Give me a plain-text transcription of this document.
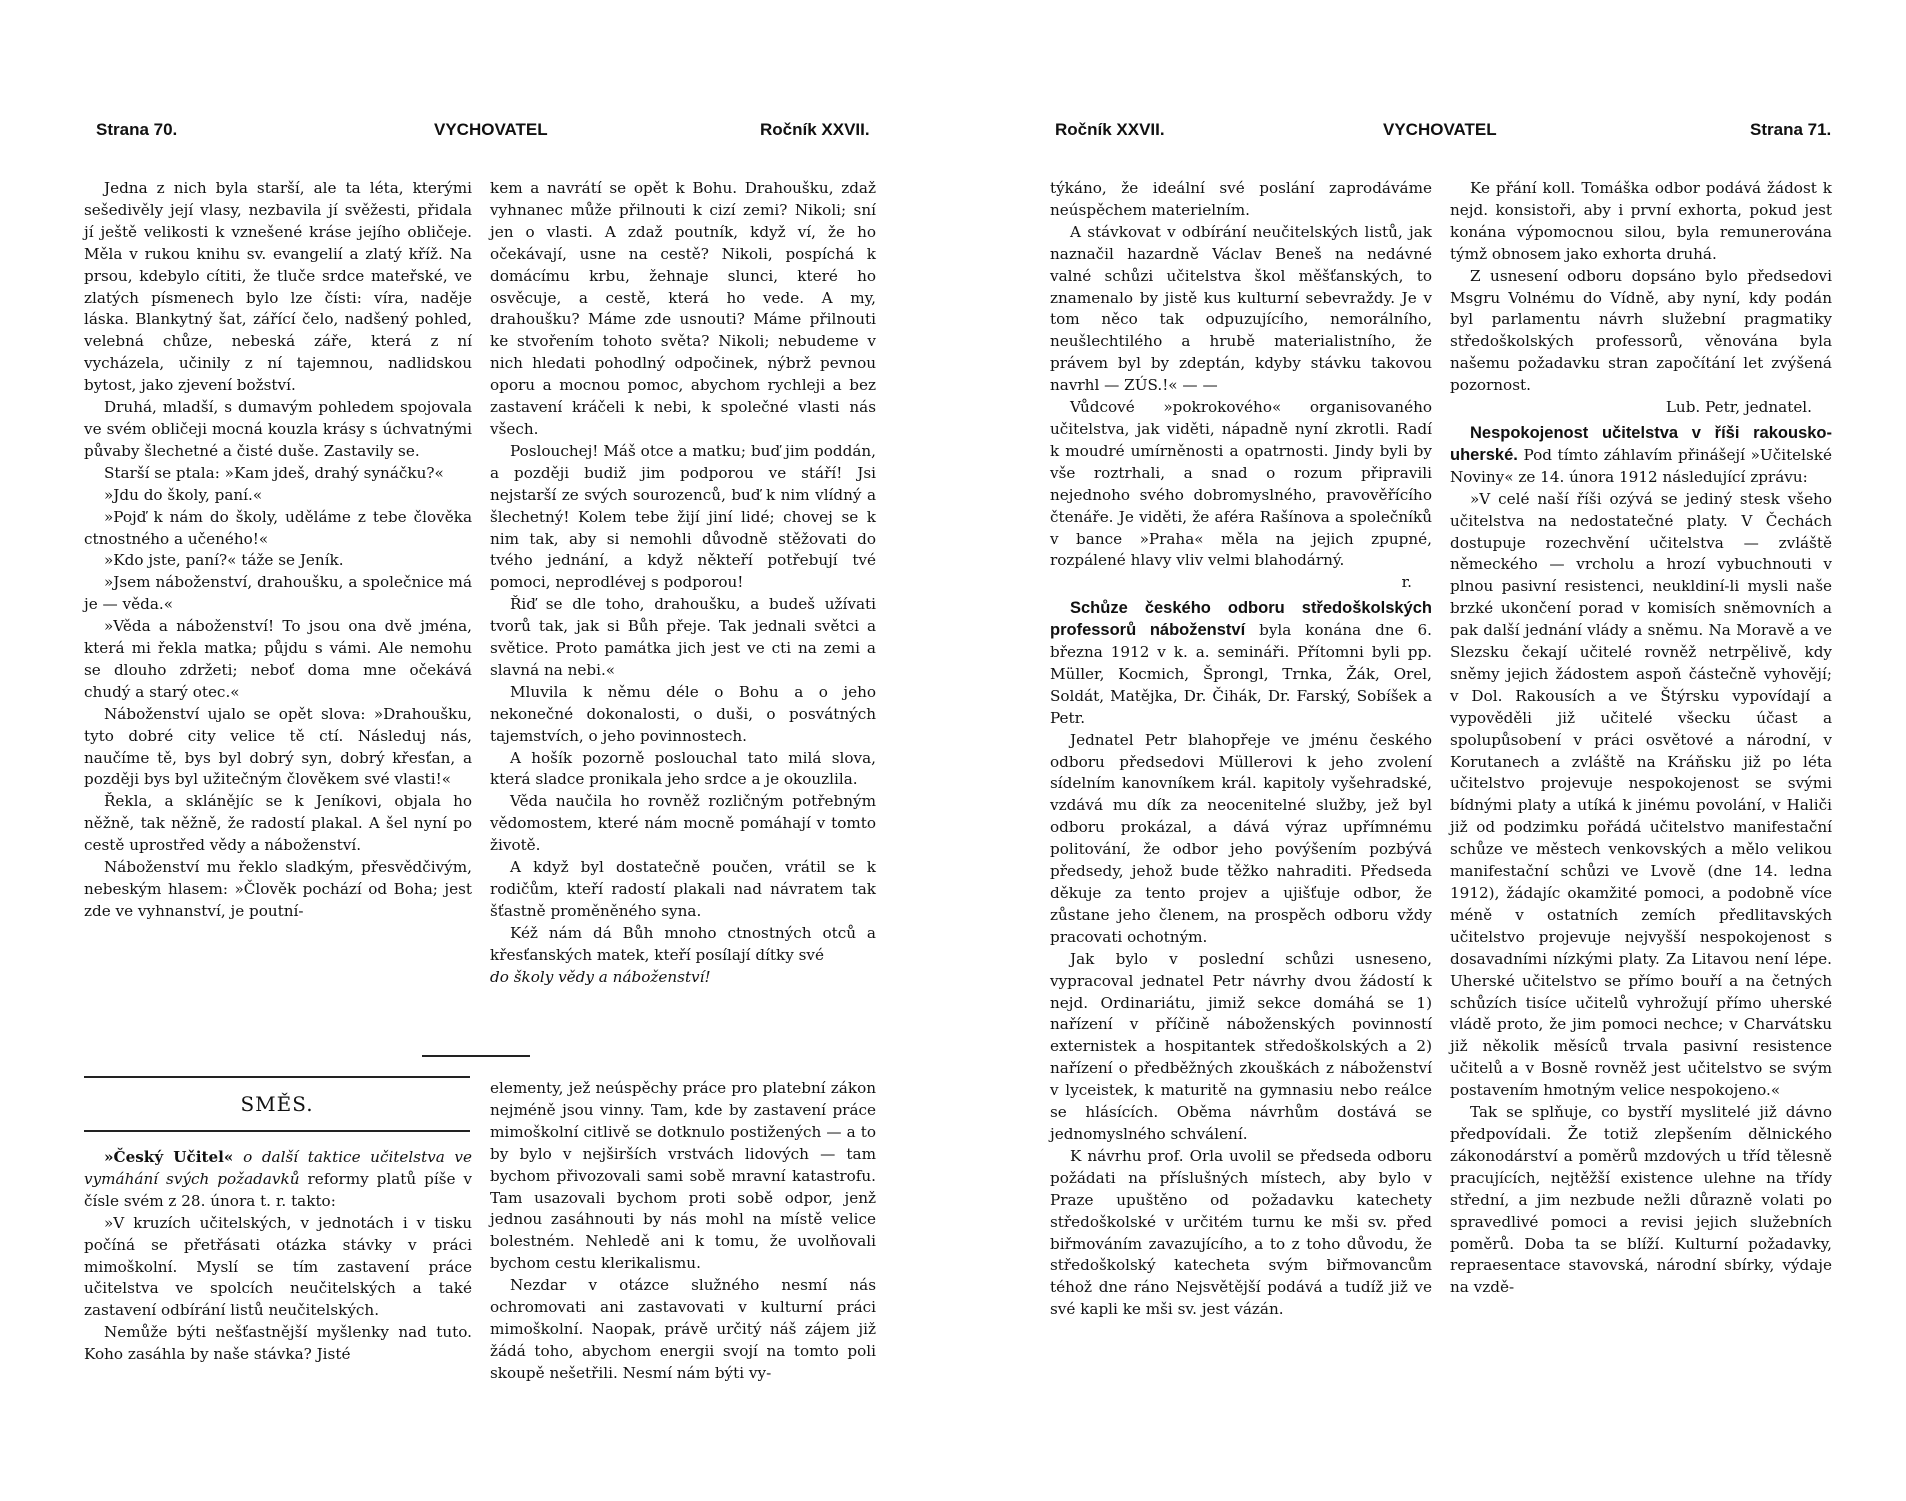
Strana 70.	VYCHOVATEL	Ročník XXVII.

Jedna z nich byla starší, ale ta léta, kterými sešedivěly její vlasy, nezbavila jí svěžesti, přidala jí ještě velikosti k vznešené kráse jejího obličeje. Měla v rukou knihu sv. evangelií a zlatý kříž. Na prsou, kdebylo cítiti, že tluče srdce mateřské, ve zlatých písmenech bylo lze čísti: víra, naděje láska. Blankytný šat, zářící čelo, nadšený pohled, velebná chůze, nebeská záře, která z ní vycházela, učinily z ní tajemnou, nadlidskou bytost, jako zjevení božství.

Druhá, mladší, s dumavým pohledem spojovala ve svém obličeji mocná kouzla krásy s úchvatnými půvaby šlechetné a čisté duše. Zastavily se.

Starší se ptala: »Kam jdeš, drahý synáčku?«

»Jdu do školy, paní.«

»Pojď k nám do školy, uděláme z tebe člověka ctnostného a učeného!«

»Kdo jste, paní?« táže se Jeník.

»Jsem náboženství, drahoušku, a společnice má je — věda.«

»Věda a náboženství! To jsou ona dvě jména, která mi řekla matka; půjdu s vámi. Ale nemohu se dlouho zdržeti; neboť doma mne očekává chudý a starý otec.«

Náboženství ujalo se opět slova: »Drahoušku, tyto dobré city velice tě ctí. Následuj nás, naučíme tě, bys byl dobrý syn, dobrý křesťan, a později bys byl užitečným člověkem své vlasti!«

Řekla, a sklánějíc se k Jeníkovi, objala ho něžně, tak něžně, že radostí plakal. A šel nyní po cestě uprostřed vědy a náboženství.

Náboženství mu řeklo sladkým, přesvědčivým, nebeským hlasem: »Člověk pochází od Boha; jest zde ve vyhnanství, je poutní-

kem a navrátí se opět k Bohu. Drahoušku, zdaž vyhnanec může přilnouti k cizí zemi? Nikoli; sní jen o vlasti. A zdaž poutník, když ví, že ho očekávají, usne na cestě? Nikoli, pospíchá k domácímu krbu, žehnaje slunci, které ho osvěcuje, a cestě, která ho vede. A my, drahoušku? Máme zde usnouti? Máme přilnouti ke stvořením tohoto světa? Nikoli; nebudeme v nich hledati pohodlný odpočinek, nýbrž pevnou oporu a mocnou pomoc, abychom rychleji a bez zastavení kráčeli k nebi, k společné vlasti nás všech.

Poslouchej! Máš otce a matku; buď jim poddán, a později budiž jim podporou ve stáří! Jsi nejstarší ze svých sourozenců, buď k nim vlídný a šlechetný! Kolem tebe žijí jiní lidé; chovej se k nim tak, aby si nemohli důvodně stěžovati do tvého jednání, a když někteří potřebují tvé pomoci, neprodlévej s podporou!

Řiď se dle toho, drahoušku, a budeš užívati tvorů tak, jak si Bůh přeje. Tak jednali světci a světice. Proto památka jich jest ve cti na zemi a slavná na nebi.«

Mluvila k němu déle o Bohu a o jeho nekonečné dokonalosti, o duši, o posvátných tajemstvích, o jeho povinnostech.

A hošík pozorně poslouchal tato milá slova, která sladce pronikala jeho srdce a je okouzlila.

Věda naučila ho rovněž rozličným potřebným vědomostem, které nám mocně pomáhají v tomto životě.

A když byl dostatečně poučen, vrátil se k rodičům, kteří radostí plakali nad návratem tak šťastně proměněného syna.

Kéž nám dá Bůh mnoho ctnostných otců a křesťanských matek, kteří posílají dítky své

do školy vědy a náboženství!

SMĚS.

»Český Učitel« o další taktice učitelstva ve vymáhání svých požadavků reformy platů píše v čísle svém z 28. února t. r. takto:

»V kruzích učitelských, v jednotách i v tisku počíná se přetřásati otázka stávky v práci mimoškolní. Myslí se tím zastavení práce učitelstva ve spolcích neučitelských a také zastavení odbírání listů neučitelských.

Nemůže býti nešťastnější myšlenky nad tuto. Koho zasáhla by naše stávka? Jisté

elementy, jež neúspěchy práce pro platební zákon nejméně jsou vinny. Tam, kde by zastavení práce mimoškolní citlivě se dotknulo postižených — a to by bylo v nejširších vrstvách lidových — tam bychom přivozovali sami sobě mravní katastrofu. Tam usazovali bychom proti sobě odpor, jenž jednou zasáhnouti by nás mohl na místě velice bolestném. Nehledě ani k tomu, že uvolňovali bychom cestu klerikalismu.

Nezdar v otázce služného nesmí nás ochromovati ani zastavovati v kulturní práci mimoškolní. Naopak, právě určitý náš zájem již žádá toho, abychom energii svojí na tomto poli skoupě nešetřili. Nesmí nám býti vy-

Ročník XXVII.	VYCHOVATEL	Strana 71.

týkáno, že ideální své poslání zaprodáváme neúspěchem materielním.

A stávkovat v odbírání neučitelských listů, jak naznačil hazardně Václav Beneš na nedávné valné schůzi učitelstva škol měšťanských, to znamenalo by jistě kus kulturní sebevraždy. Je v tom něco tak odpuzujícího, nemorálního, neušlechtilého a hrubě materialistního, že právem byl by zdeptán, kdyby stávku takovou navrhl — ZÚS.!« — —

Vůdcové »pokrokového« organisovaného učitelstva, jak viděti, nápadně nyní zkrotli. Radí k moudré umírněnosti a opatrnosti. Jindy byli by vše roztrhali, a snad o rozum připravili nejednoho svého dobromyslného, pravověřícího čtenáře. Je viděti, že aféra Rašínova a společníků v bance »Praha« měla na jejich zpupné, rozpálené hlavy vliv velmi blahodárný.

r.

Schůze českého odboru středoškolských professorů náboženství byla konána dne 6. března 1912 v k. a. semináři. Přítomni byli pp. Müller, Kocmich, Šprongl, Trnka, Žák, Orel, Soldát, Matějka, Dr. Čihák, Dr. Farský, Sobíšek a Petr.

Jednatel Petr blahopřeje ve jménu českého odboru předsedovi Müllerovi k jeho zvolení sídelním kanovníkem král. kapitoly vyšehradské, vzdává mu dík za neocenitelné služby, jež byl odboru prokázal, a dává výraz upřímnému politování, že odbor jeho povýšením pozbývá předsedy, jehož bude těžko nahraditi. Předseda děkuje za tento projev a ujišťuje odbor, že zůstane jeho členem, na prospěch odboru vždy pracovati ochotným.

Jak bylo v poslední schůzi usneseno, vypracoval jednatel Petr návrhy dvou žádostí k nejd. Ordinariátu, jimiž sekce domáhá se 1) nařízení v příčině náboženských povinností externistek a hospitantek středoškolských a 2) nařízení o předběžných zkouškách z náboženství v lyceistek, k maturitě na gymnasiu nebo reálce se hlásících. Oběma návrhům dostává se jednomyslného schválení.

K návrhu prof. Orla uvolil se předseda odboru požádati na příslušných místech, aby bylo v Praze upuštěno od požadavku katechety středoškolské v určitém turnu ke mši sv. před biřmováním zavazujícího, a to z toho důvodu, že středoškolský katecheta svým biřmovancům téhož dne ráno Nejsvětější podává a tudíž již ve své kapli ke mši sv. jest vázán.

Ke přání koll. Tomáška odbor podává žádost k nejd. konsistoři, aby i první exhorta, pokud jest konána výpomocnou silou, byla remunerována týmž obnosem jako exhorta druhá.

Z usnesení odboru dopsáno bylo předsedovi Msgru Volnému do Vídně, aby nyní, kdy podán byl parlamentu návrh služební pragmatiky středoškolských professorů, věnována byla našemu požadavku stran započítání let zvýšená pozornost.

Lub. Petr, jednatel.

Nespokojenost učitelstva v říši rakousko-uherské. Pod tímto záhlavím přinášejí »Učitelské Noviny« ze 14. února 1912 následující zprávu:

»V celé naší říši ozývá se jediný stesk všeho učitelstva na nedostatečné platy. V Čechách dostupuje rozechvění učitelstva — zvláště německého — vrcholu a hrozí vybuchnouti v plnou pasivní resistenci, neukldiní-li mysli naše brzké ukončení porad v komisích sněmovních a pak další jednání vlády a sněmu. Na Moravě a ve Slezsku čekají učitelé rovněž netrpělivě, kdy sněmy jejich žádostem aspoň částečně vyhovějí; v Dol. Rakousích a ve Štýrsku vypovídají a vypověděli již učitelé všecku účast a spolupůsobení v práci osvětové a národní, v Korutanech a zvláště na Kráňsku již po léta učitelstvo projevuje nespokojenost se svými bídnými platy a utíká k jinému povolání, v Haliči již od podzimku pořádá učitelstvo manifestační schůze ve městech venkovských a mělo velikou manifestační schůzi ve Lvově (dne 14. ledna 1912), žádajíc okamžité pomoci, a podobně více méně v ostatních zemích předlitavských učitelstvo projevuje nejvyšší nespokojenost s dosavadními nízkými platy. Za Litavou není lépe. Uherské učitelstvo se přímo bouří a na četných schůzích tisíce učitelů vyhrožují přímo uherské vládě proto, že jim pomoci nechce; v Charvátsku již několik měsíců trvala pasivní resistence učitelů a v Bosně rovněž jest učitelstvo se svým postavením hmotným velice nespokojeno.«

Tak se splňuje, co bystří myslitelé již dávno předpovídali. Že totiž zlepšením dělnického zákonodárství a poměrů mzdových u tříd tělesně pracujících, nejtěžší existence ulehne na třídy střední, a jim nezbude nežli důrazně volati po spravedlivé pomoci a revisi jejich služebních poměrů. Doba ta se blíží. Kulturní požadavky, repraesentace stavovská, národní sbírky, výdaje na vzdě-
